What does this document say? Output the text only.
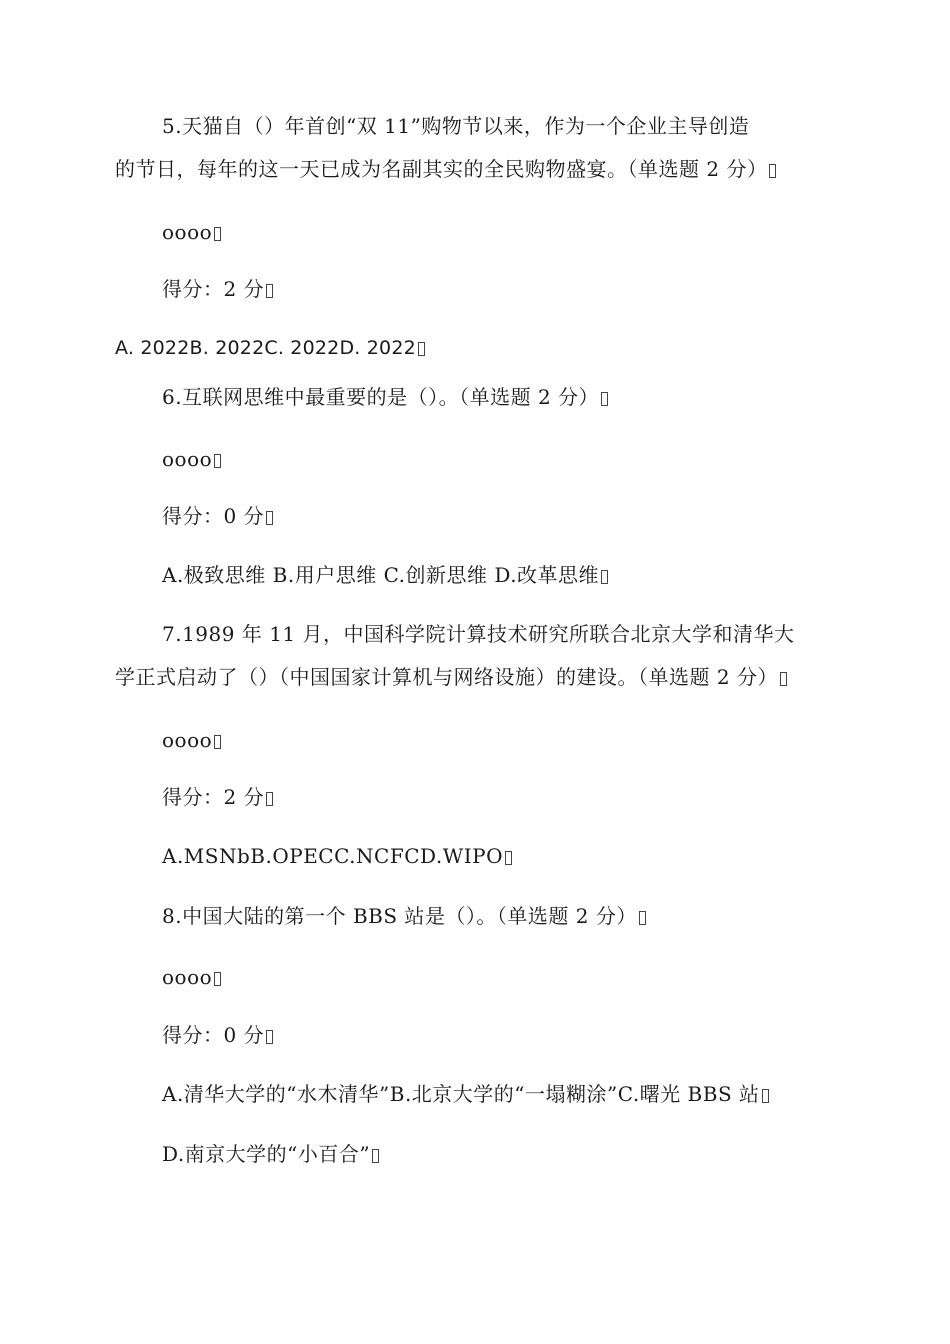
5.天猫自（）年首创“双 11”购物节以来，作为一个企业主导创造
的节日，每年的这一天已成为名副其实的全民购物盛宴。（单选题 2 分）
oooo
得分：2 分
A. 2022B. 2022C. 2022D. 2022
6.互联网思维中最重要的是（）。（单选题 2 分）
oooo
得分：0 分
A.极致思维 B.用户思维 C.创新思维 D.改革思维
7.1989 年 11 月，中国科学院计算技术研究所联合北京大学和清华大
学正式启动了（）（中国国家计算机与网络设施）的建设。（单选题 2 分）
oooo
得分：2 分
A.MSNbB.OPECC.NCFCD.WIPO
8.中国大陆的第一个 BBS 站是（）。（单选题 2 分）
oooo
得分：0 分
A.清华大学的“水木清华”B.北京大学的“一塌糊涂”C.曙光 BBS 站
D.南京大学的“小百合”
